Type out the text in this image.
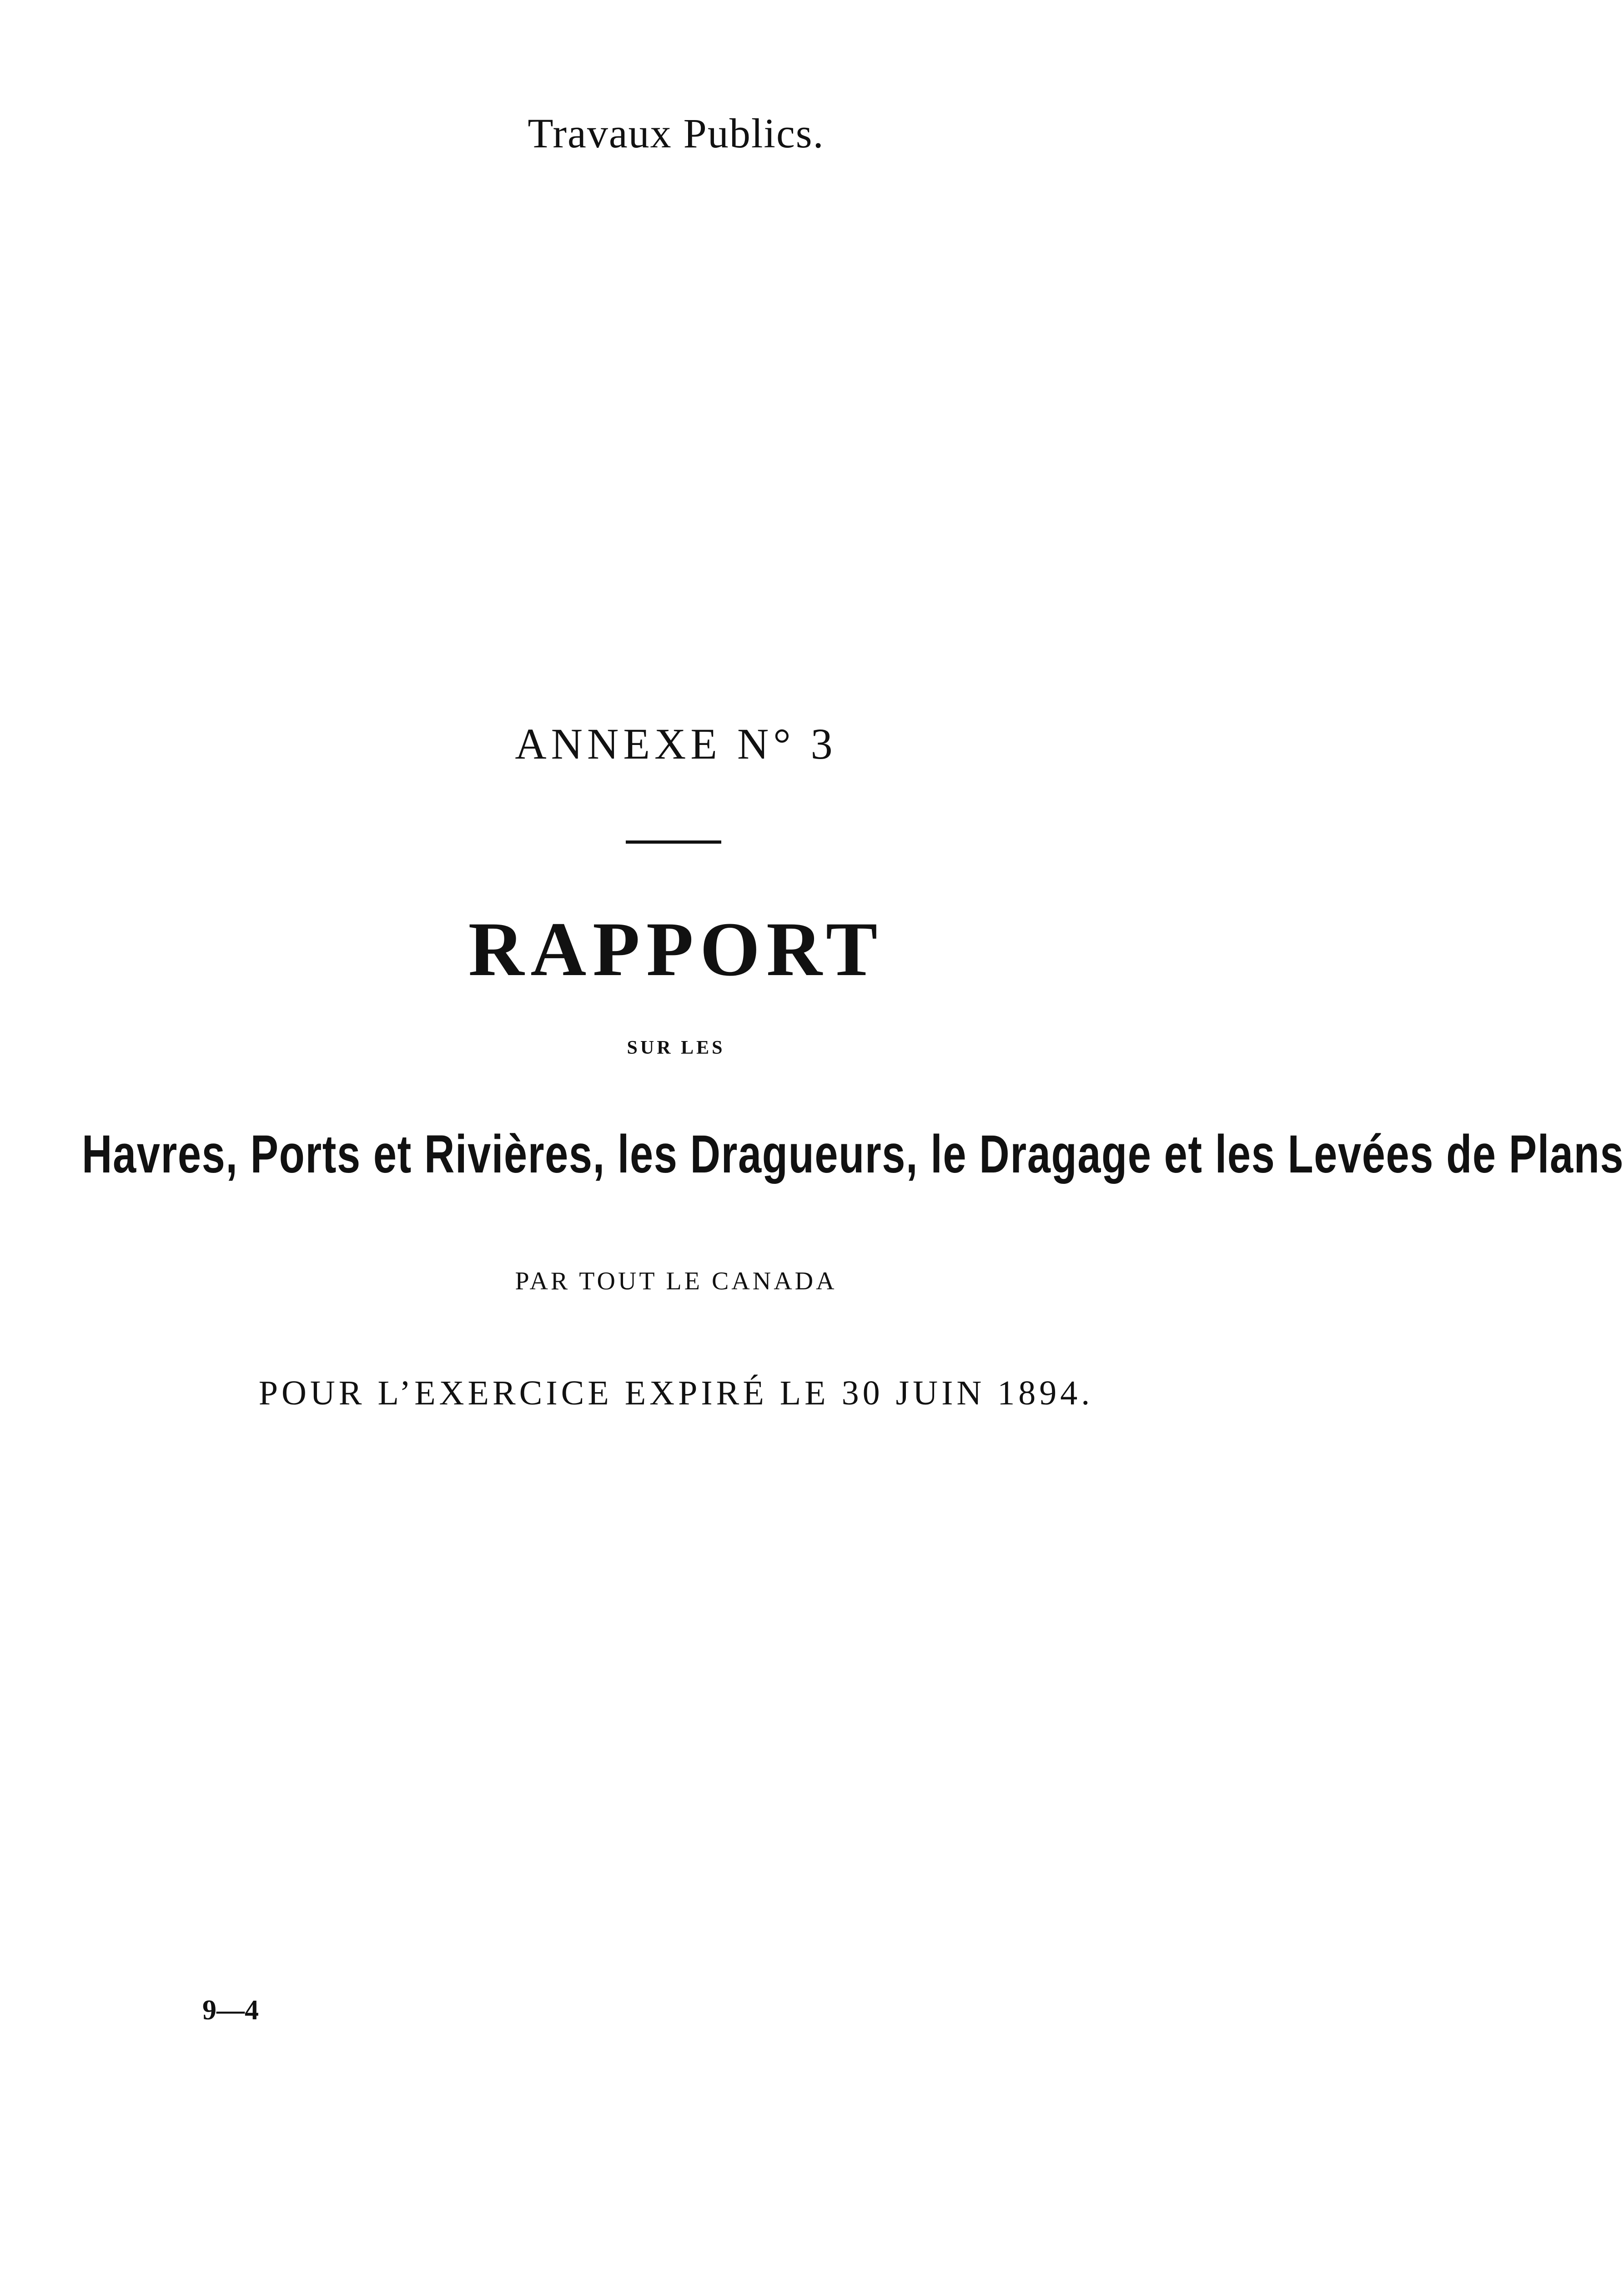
Travaux Publics.
ANNEXE N° 3
RAPPORT
SUR LES
Havres, Ports et Rivières, les Dragueurs, le Dragage et les Levées de Plans
PAR TOUT LE CANADA
POUR L’EXERCICE EXPIRÉ LE 30 JUIN 1894.
9—4
